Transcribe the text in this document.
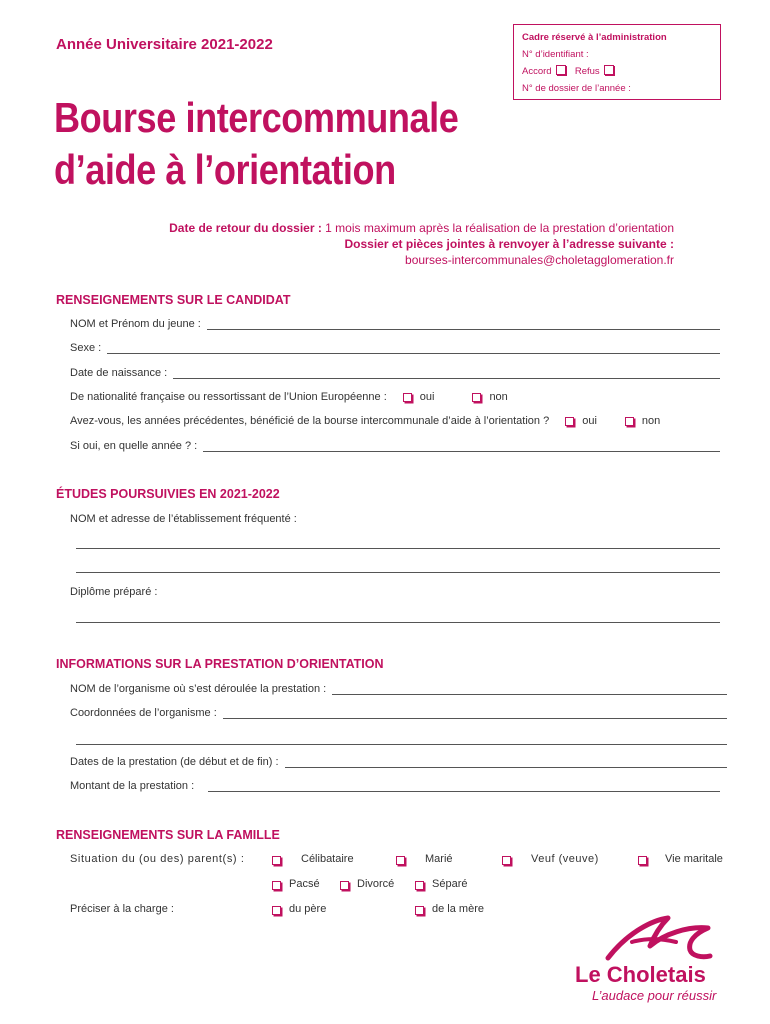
Année Universitaire 2021-2022	Cadre réservé à l’administration
N° d’identifiant :
Accord Refus
N° de dossier de l’année :
Bourse intercommunale
d’aide à l’orientation
Date de retour du dossier : 1 mois maximum après la réalisation de la prestation d’orientation
Dossier et pièces jointes à renvoyer à l’adresse suivante :
bourses-intercommunales@choletagglomeration.fr
RENSEIGNEMENTS SUR LE CANDIDAT
NOM et Prénom du jeune :
Sexe :
Date de naissance :
De nationalité française ou ressortissant de l’Union Européenne :	oui	non
Avez-vous, les années précédentes, bénéficié de la bourse intercommunale d’aide à l’orientation ?	oui	non
Si oui, en quelle année ? :
ÉTUDES POURSUIVIES EN 2021-2022
NOM et adresse de l’établissement fréquenté :
Diplôme préparé :
INFORMATIONS SUR LA PRESTATION D’ORIENTATION
NOM de l’organisme où s’est déroulée la prestation :
Coordonnées de l’organisme :
Dates de la prestation (de début et de fin) :
Montant de la prestation :
RENSEIGNEMENTS SUR LA FAMILLE
Situation du (ou des) parent(s) :	Célibataire	Marié	Veuf (veuve)	Vie maritale
Pacsé	Divorcé	Séparé
Préciser à la charge :	du père	de la mère
Le Choletais
L’audace pour réussir
